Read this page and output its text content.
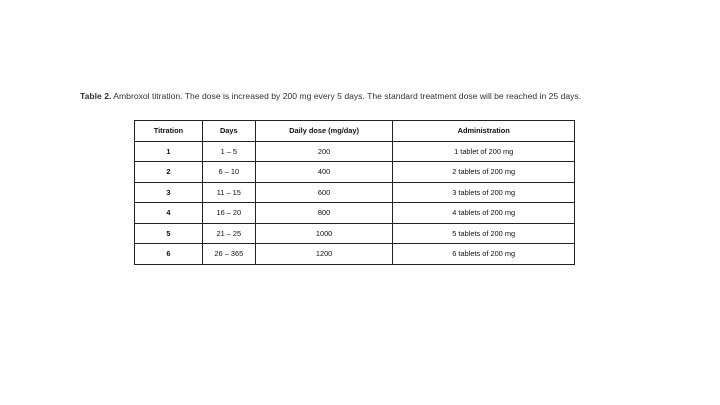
Table 2. Ambroxol titration. The dose is increased by 200 mg every 5 days. The standard treatment dose will be reached in 25 days.
Titration	Days	Daily dose (mg/day)	Administration
1	1 – 5	200	1 tablet of 200 mg
2	6 – 10	400	2 tablets of 200 mg
3	11 – 15	600	3 tablets of 200 mg
4	16 – 20	800	4 tablets of 200 mg
5	21 – 25	1000	5 tablets of 200 mg
6	26 – 365	1200	6 tablets of 200 mg
